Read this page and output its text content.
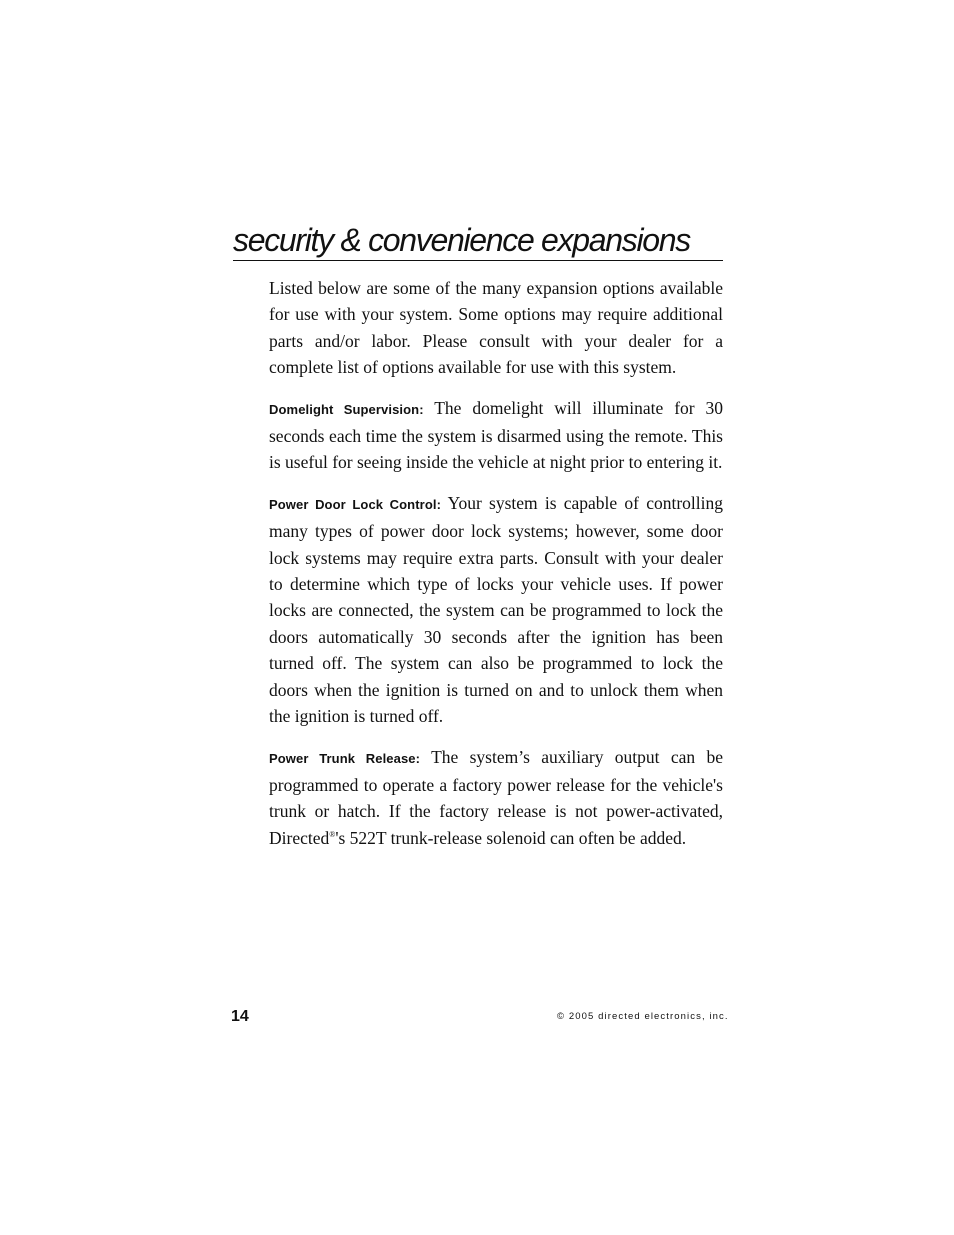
security & convenience expansions

Listed below are some of the many expansion options available for use with your system. Some options may require additional parts and/or labor. Please consult with your dealer for a complete list of options available for use with this system.

Domelight Supervision: The domelight will illuminate for 30 seconds each time the system is disarmed using the remote. This is useful for seeing inside the vehicle at night prior to entering it.

Power Door Lock Control: Your system is capable of controlling many types of power door lock systems; however, some door lock systems may require extra parts. Consult with your dealer to determine which type of locks your vehicle uses. If power locks are connected, the system can be programmed to lock the doors automatically 30 seconds after the ignition has been turned off. The system can also be programmed to lock the doors when the ignition is turned on and to unlock them when the ignition is turned off.

Power Trunk Release: The system’s auxiliary output can be programmed to operate a factory power release for the vehicle's trunk or hatch. If the factory release is not power-activated, Directed®'s 522T trunk-release solenoid can often be added.

14	© 2005 directed electronics, inc.
